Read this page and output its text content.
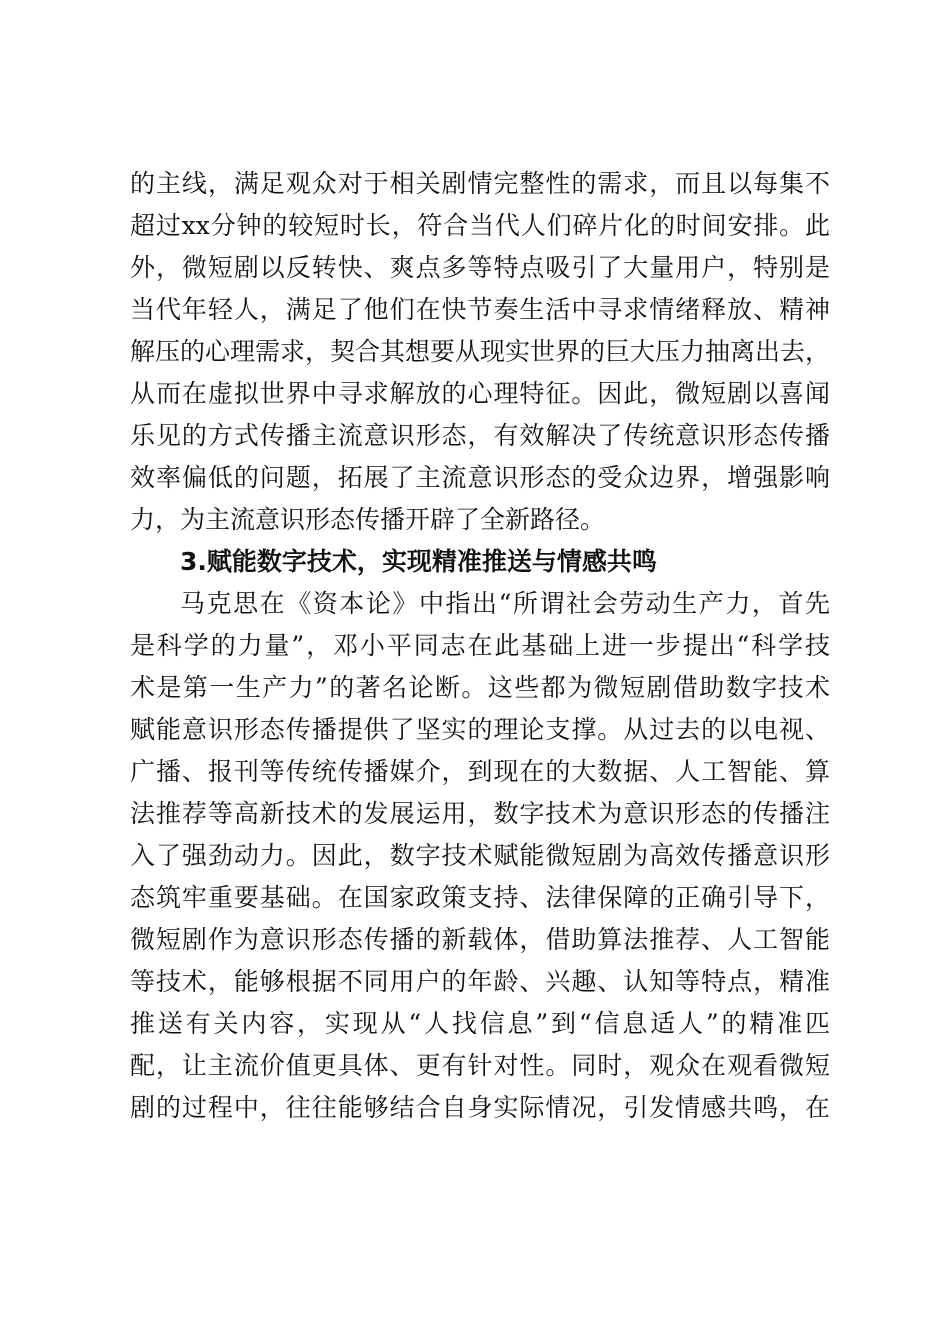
的主线，满足观众对于相关剧情完整性的需求，而且以每集不
超过xx分钟的较短时长，符合当代人们碎片化的时间安排。此
外，微短剧以反转快、爽点多等特点吸引了大量用户，特别是
当代年轻人，满足了他们在快节奏生活中寻求情绪释放、精神
解压的心理需求，契合其想要从现实世界的巨大压力抽离出去，
从而在虚拟世界中寻求解放的心理特征。因此，微短剧以喜闻
乐见的方式传播主流意识形态，有效解决了传统意识形态传播
效率偏低的问题，拓展了主流意识形态的受众边界，增强影响
力，为主流意识形态传播开辟了全新路径。
3.赋能数字技术，实现精准推送与情感共鸣
马克思在《资本论》中指出“所谓社会劳动生产力，首先
是科学的力量”，邓小平同志在此基础上进一步提出“科学技
术是第一生产力”的著名论断。这些都为微短剧借助数字技术
赋能意识形态传播提供了坚实的理论支撑。从过去的以电视、
广播、报刊等传统传播媒介，到现在的大数据、人工智能、算
法推荐等高新技术的发展运用，数字技术为意识形态的传播注
入了强劲动力。因此，数字技术赋能微短剧为高效传播意识形
态筑牢重要基础。在国家政策支持、法律保障的正确引导下，
微短剧作为意识形态传播的新载体，借助算法推荐、人工智能
等技术，能够根据不同用户的年龄、兴趣、认知等特点，精准
推送有关内容，实现从“人找信息”到“信息适人”的精准匹
配，让主流价值更具体、更有针对性。同时，观众在观看微短
剧的过程中，往往能够结合自身实际情况，引发情感共鸣，在
